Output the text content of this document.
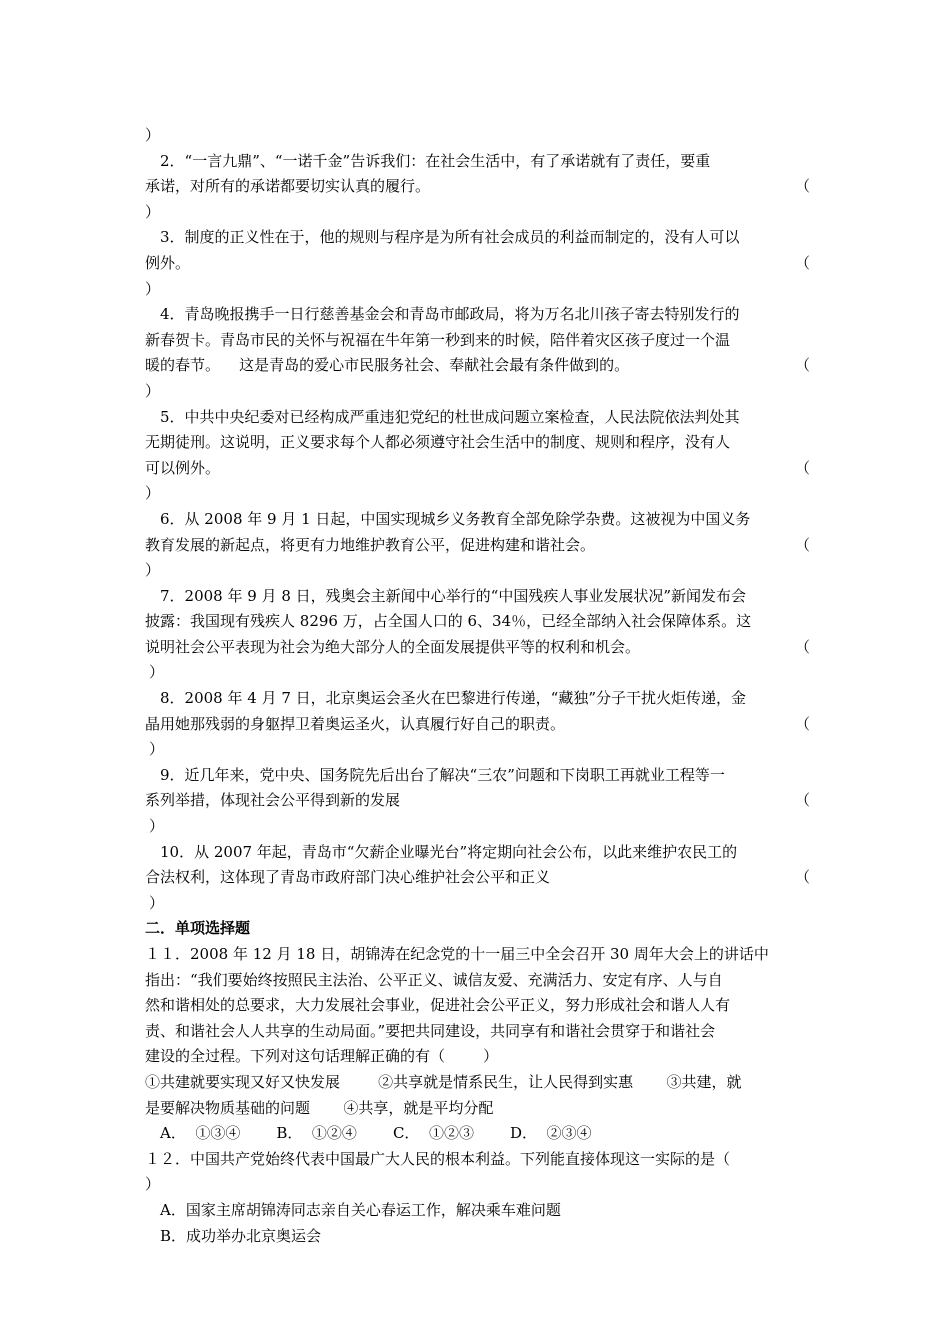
）

2．“一言九鼎”、“一诺千金”告诉我们：在社会生活中，有了承诺就有了责任，要重

承诺，对所有的承诺都要切实认真的履行。	（
）

3．制度的正义性在于，他的规则与程序是为所有社会成员的利益而制定的，没有人可以

例外。	（
）

4．青岛晚报携手一日行慈善基金会和青岛市邮政局，将为万名北川孩子寄去特别发行的

新春贺卡。青岛市民的关怀与祝福在牛年第一秒到来的时候，陪伴着灾区孩子度过一个温
暖的春节。    这是青岛的爱心市民服务社会、奉献社会最有条件做到的。	（
）

5．中共中央纪委对已经构成严重违犯党纪的杜世成问题立案检查，人民法院依法判处其

无期徒刑。这说明，正义要求每个人都必须遵守社会生活中的制度、规则和程序，没有人
可以例外。	（
）

6．从 2008 年 9 月 1 日起，中国实现城乡义务教育全部免除学杂费。这被视为中国义务

教育发展的新起点，将更有力地维护教育公平，促进构建和谐社会。	（
）

7．2008 年 9 月 8 日，残奥会主新闻中心举行的“中国残疾人事业发展状况”新闻发布会

披露：我国现有残疾人 8296 万，占全国人口的 6、34％，已经全部纳入社会保障体系。这
说明社会公平表现为社会为绝大部分人的全面发展提供平等的权利和机会。	（
）

8．2008 年 4 月 7 日，北京奥运会圣火在巴黎进行传递，“藏独”分子干扰火炬传递，金

晶用她那残弱的身躯捍卫着奥运圣火，认真履行好自己的职责。	（
）

9．近几年来，党中央、国务院先后出台了解决“三农”问题和下岗职工再就业工程等一

系列举措，体现社会公平得到新的发展	（
）

10．从 2007 年起，青岛市“欠薪企业曝光台”将定期向社会公布，以此来维护农民工的

合法权利，这体现了青岛市政府部门决心维护社会公平和正义	（
）

二．单项选择题

１１．2008 年 12 月 18 日，胡锦涛在纪念党的十一届三中全会召开 30 周年大会上的讲话中

指出：“我们要始终按照民主法治、公平正义、诚信友爱、充满活力、安定有序、人与自

然和谐相处的总要求，大力发展社会事业，促进社会公平正义，努力形成社会和谐人人有

责、和谐社会人人共享的生动局面。”要把共同建设，共同享有和谐社会贯穿于和谐社会

建设的全过程。下列对这句话理解正确的有（        ）

①共建就要实现又好又快发展        ②共享就是情系民生，让人民得到实惠       ③共建，就

是要解决物质基础的问题       ④共享，就是平均分配

A．  ①③④ B．  ①②④ C．  ①②③ D．  ②③④

１２．中国共产党始终代表中国最广大人民的根本利益。下列能直接体现这一实际的是（

）

A．国家主席胡锦涛同志亲自关心春运工作，解决乘车难问题

B．成功举办北京奥运会
